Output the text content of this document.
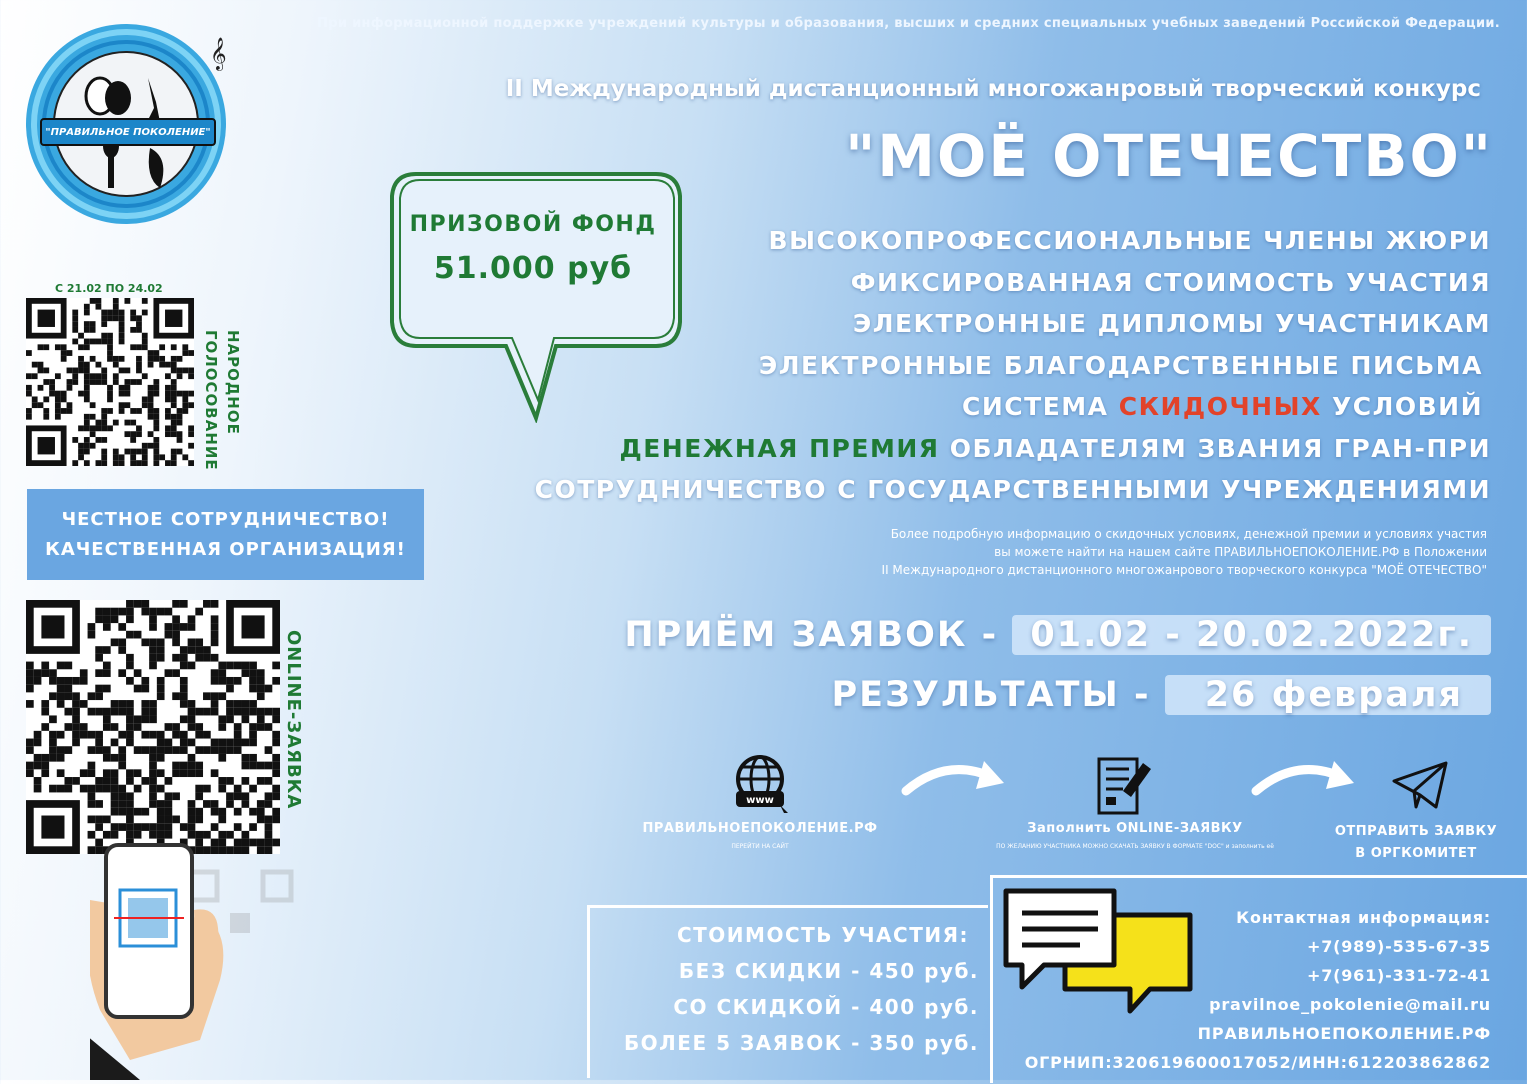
При информационной поддержке учреждений культуры и образования, высших и средних специальных учебных заведений Российской Федерации.
𝄞
"ПРАВИЛЬНОЕ ПОКОЛЕНИЕ"
С 21.02 ПО 24.02
НАРОДНОЕ ГОЛОСОВАНИЕ
ЧЕСТНОЕ СОТРУДНИЧЕСТВО!
КАЧЕСТВЕННАЯ ОРГАНИЗАЦИЯ!
ONLINE-ЗАЯВКА
ПРИЗОВОЙ ФОНД
51.000 руб
II Международный дистанционный многожанровый творческий конкурс
"МОЁ ОТЕЧЕСТВО"
ВЫСОКОПРОФЕССИОНАЛЬНЫЕ ЧЛЕНЫ ЖЮРИ
ФИКСИРОВАННАЯ СТОИМОСТЬ УЧАСТИЯ
ЭЛЕКТРОННЫЕ ДИПЛОМЫ УЧАСТНИКАМ
ЭЛЕКТРОННЫЕ БЛАГОДАРСТВЕННЫЕ ПИСЬМА
СИСТЕМА СКИДОЧНЫХ УСЛОВИЙ
ДЕНЕЖНАЯ ПРЕМИЯ ОБЛАДАТЕЛЯМ ЗВАНИЯ ГРАН-ПРИ
СОТРУДНИЧЕСТВО С ГОСУДАРСТВЕННЫМИ УЧРЕЖДЕНИЯМИ
Более подробную информацию о скидочных условиях, денежной премии и условиях участия
вы можете найти на нашем сайте ПРАВИЛЬНОЕПОКОЛЕНИЕ.РФ в Положении
II Международного дистанционного многожанрового творческого конкурса "МОЁ ОТЕЧЕСТВО"
ПРИЁМ ЗАЯВОК - 01.02 - 20.02.2022г.
РЕЗУЛЬТАТЫ - 26 февраля
www
ПРАВИЛЬНОЕПОКОЛЕНИЕ.РФ
ПЕРЕЙТИ НА САЙТ
Заполнить ONLINE-ЗАЯВКУ
ПО ЖЕЛАНИЮ УЧАСТНИКА МОЖНО СКАЧАТЬ ЗАЯВКУ В ФОРМАТЕ "DOC" и заполнить её
ОТПРАВИТЬ ЗАЯВКУ
В ОРГКОМИТЕТ
СТОИМОСТЬ УЧАСТИЯ:
БЕЗ СКИДКИ - 450 руб.
СО СКИДКОЙ - 400 руб.
БОЛЕЕ 5 ЗАЯВОК - 350 руб.
Контактная информация:
+7(989)-535-67-35
+7(961)-331-72-41
pravilnoe_pokolenie@mail.ru
ПРАВИЛЬНОЕПОКОЛЕНИЕ.РФ
ОГРНИП:320619600017052/ИНН:612203862862
